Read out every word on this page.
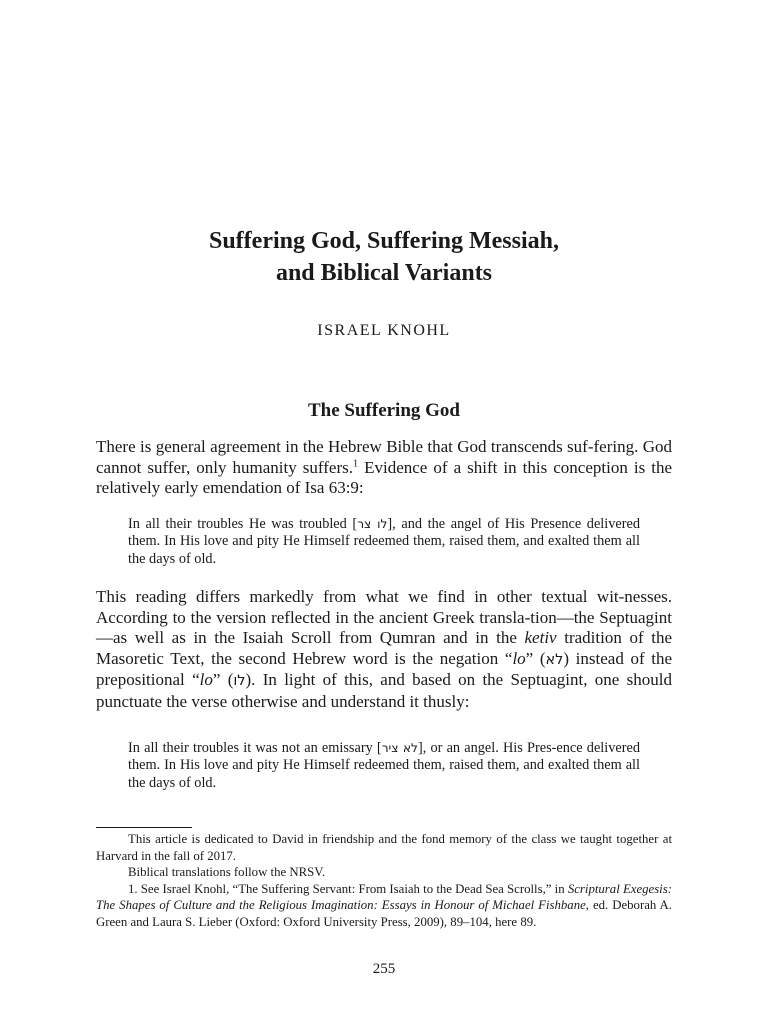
Suffering God, Suffering Messiah,
and Biblical Variants
ISRAEL KNOHL
The Suffering God
There is general agreement in the Hebrew Bible that God transcends suf-fering. God cannot suffer, only humanity suffers.$^1$ Evidence of a shift in this conception is the relatively early emendation of Isa 63:9:
In all their troubles He was troubled [לו צר], and the angel of His Presence delivered them. In His love and pity He Himself redeemed them, raised them, and exalted them all the days of old.
This reading differs markedly from what we find in other textual wit-nesses. According to the version reflected in the ancient Greek transla-tion—the Septuagint—as well as in the Isaiah Scroll from Qumran and in the ketiv tradition of the Masoretic Text, the second Hebrew word is the negation “lo” (לא) instead of the prepositional “lo” (לו). In light of this, and based on the Septuagint, one should punctuate the verse otherwise and understand it thusly:
In all their troubles it was not an emissary [לא ציר], or an angel. His Pres-ence delivered them. In His love and pity He Himself redeemed them, raised them, and exalted them all the days of old.

This article is dedicated to David in friendship and the fond memory of the class we taught together at Harvard in the fall of 2017.

Biblical translations follow the NRSV.

1. See Israel Knohl, “The Suffering Servant: From Isaiah to the Dead Sea Scrolls,” in Scriptural Exegesis: The Shapes of Culture and the Religious Imagination: Essays in Honour of Michael Fishbane, ed. Deborah A. Green and Laura S. Lieber (Oxford: Oxford University Press, 2009), 89–104, here 89.

255
